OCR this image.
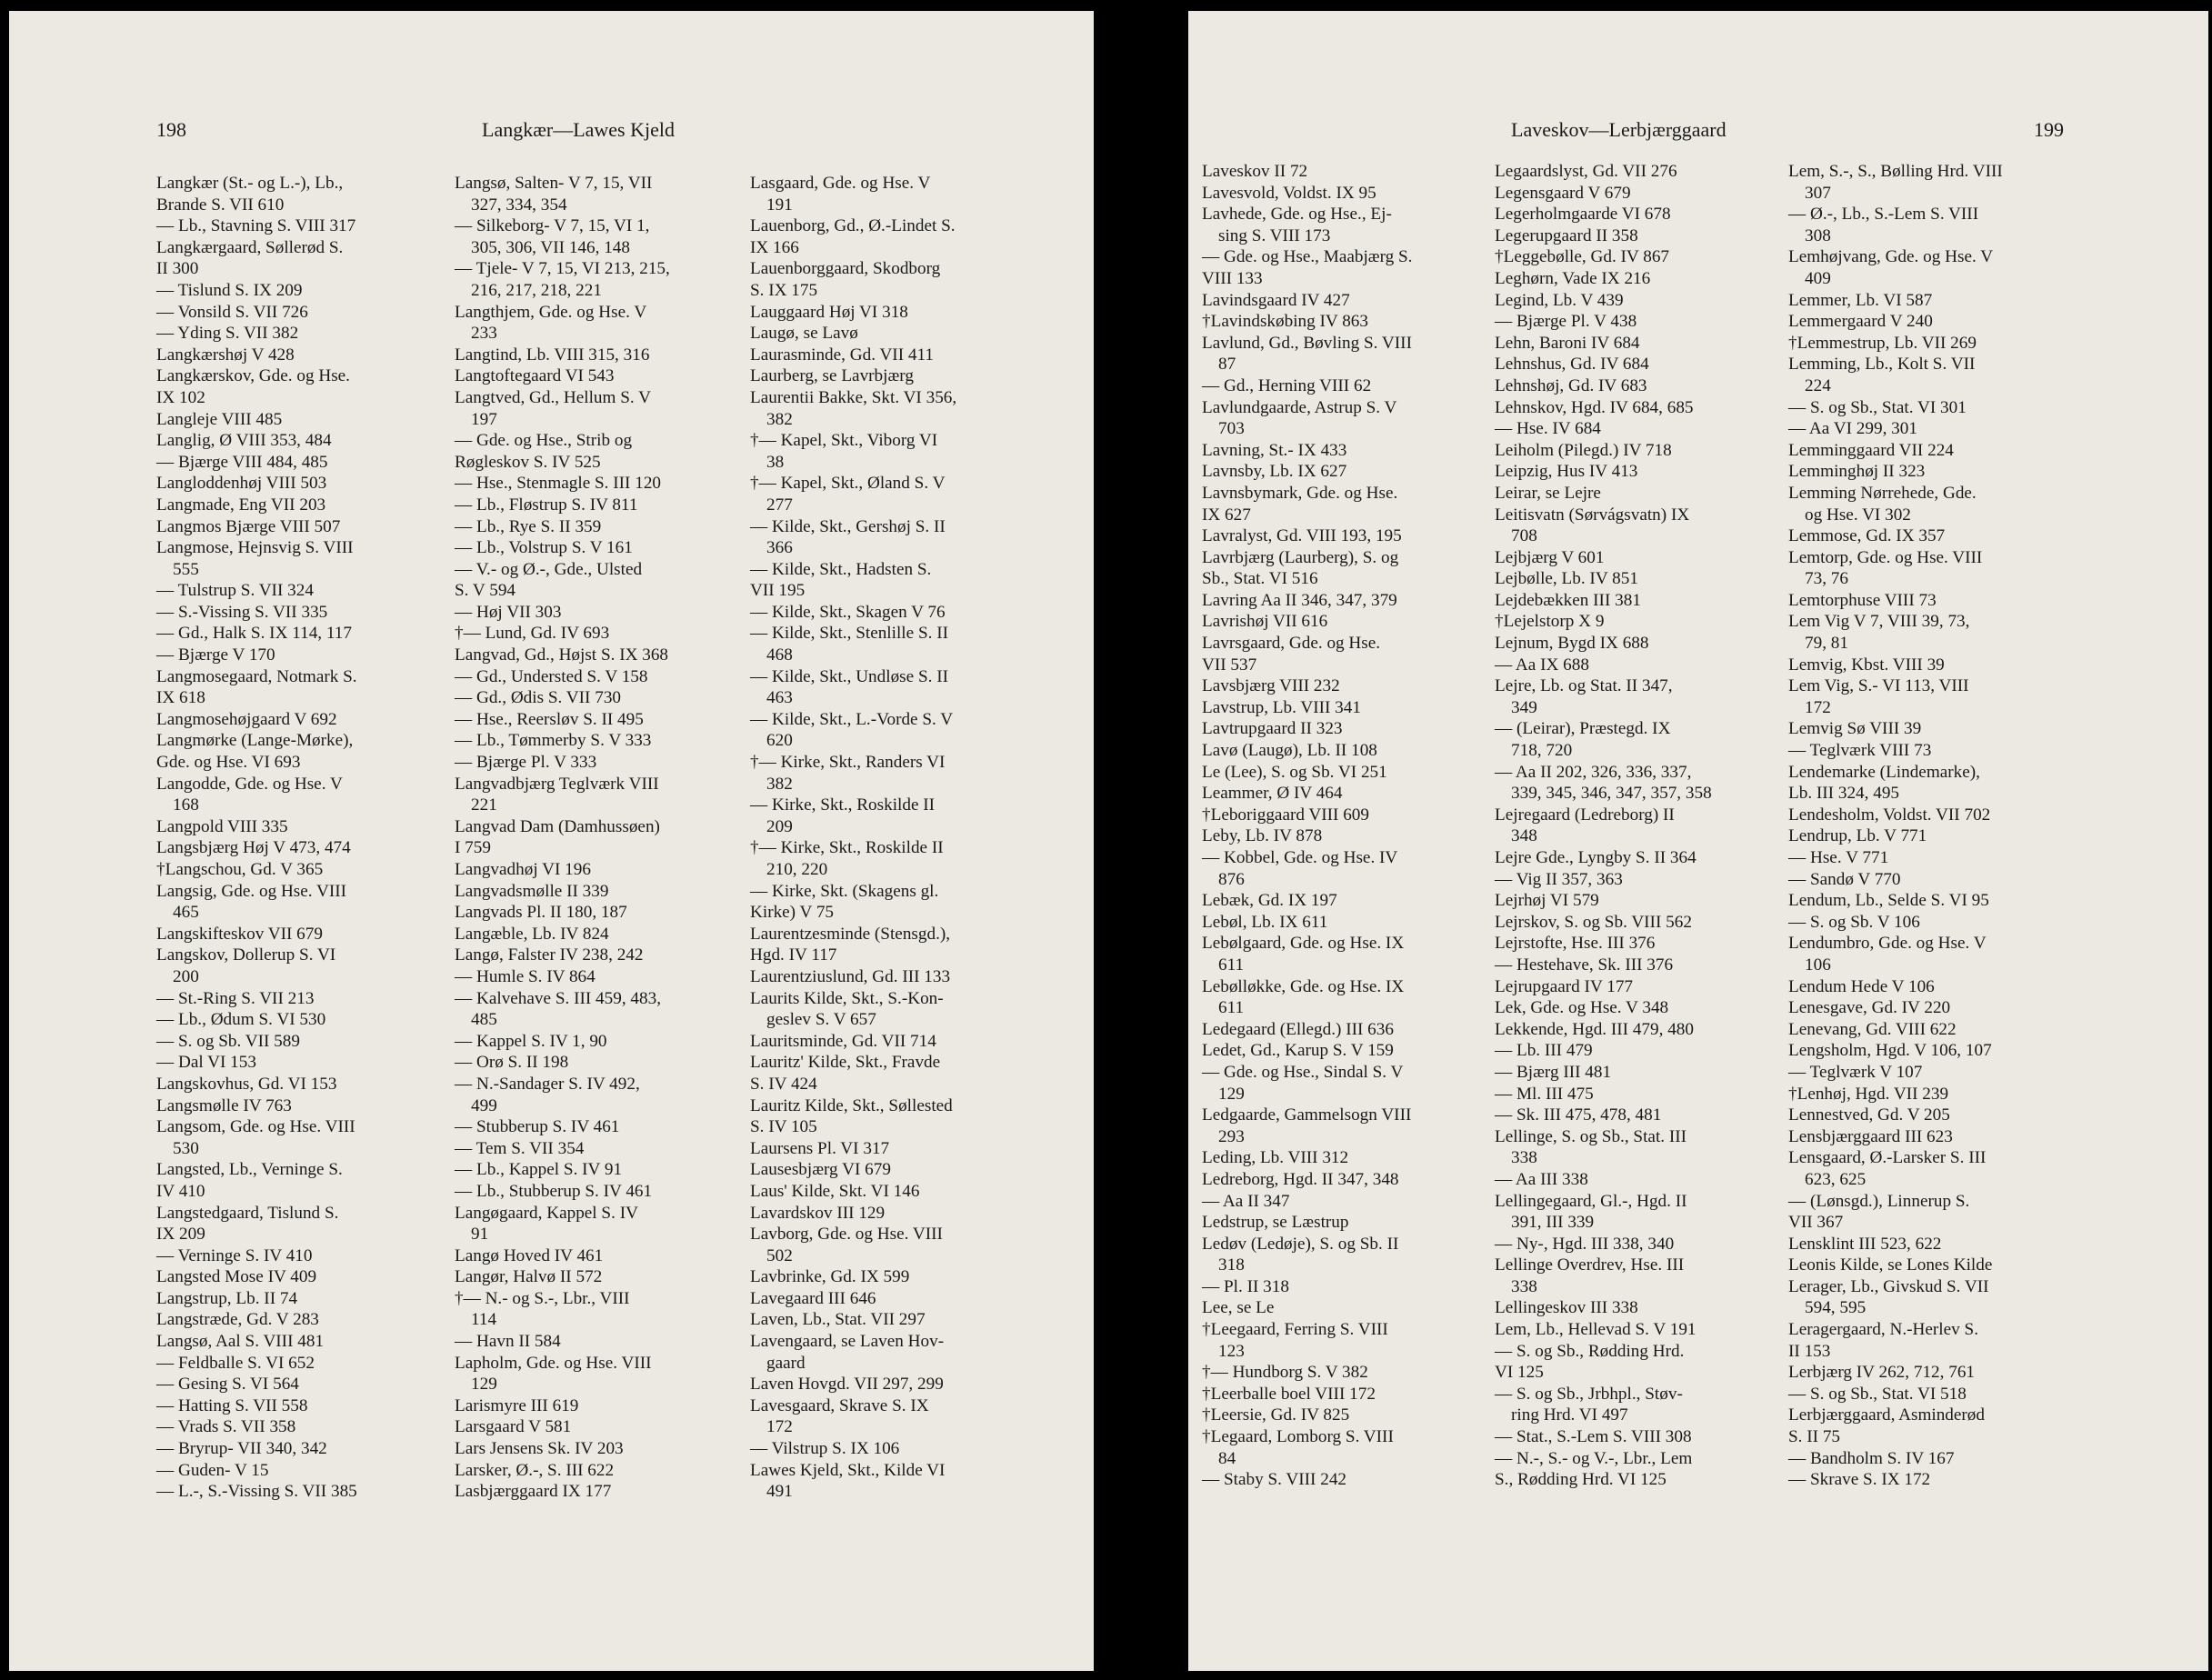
198	Langkær—Lawes Kjeld
Langkær (St.- og L.-), Lb.,
Brande S. VII 610
— Lb., Stavning S. VIII 317
Langkærgaard, Søllerød S.
II 300
— Tislund S. IX 209
— Vonsild S. VII 726
— Yding S. VII 382
Langkærshøj V 428
Langkærskov, Gde. og Hse.
IX 102
Langleje VIII 485
Langlig, Ø VIII 353, 484
— Bjærge VIII 484, 485
Langloddenhøj VIII 503
Langmade, Eng VII 203
Langmos Bjærge VIII 507
Langmose, Hejnsvig S. VIII
555
— Tulstrup S. VII 324
— S.-Vissing S. VII 335
— Gd., Halk S. IX 114, 117
— Bjærge V 170
Langmosegaard, Notmark S.
IX 618
Langmosehøjgaard V 692
Langmørke (Lange-Mørke),
Gde. og Hse. VI 693
Langodde, Gde. og Hse. V
168
Langpold VIII 335
Langsbjærg Høj V 473, 474
†Langschou, Gd. V 365
Langsig, Gde. og Hse. VIII
465
Langskifteskov VII 679
Langskov, Dollerup S. VI
200
— St.-Ring S. VII 213
— Lb., Ødum S. VI 530
— S. og Sb. VII 589
— Dal VI 153
Langskovhus, Gd. VI 153
Langsmølle IV 763
Langsom, Gde. og Hse. VIII
530
Langsted, Lb., Verninge S.
IV 410
Langstedgaard, Tislund S.
IX 209
— Verninge S. IV 410
Langsted Mose IV 409
Langstrup, Lb. II 74
Langstræde, Gd. V 283
Langsø, Aal S. VIII 481
— Feldballe S. VI 652
— Gesing S. VI 564
— Hatting S. VII 558
— Vrads S. VII 358
— Bryrup- VII 340, 342
— Guden- V 15
— L.-, S.-Vissing S. VII 385
Langsø, Salten- V 7, 15, VII
327, 334, 354
— Silkeborg- V 7, 15, VI 1,
305, 306, VII 146, 148
— Tjele- V 7, 15, VI 213, 215,
216, 217, 218, 221
Langthjem, Gde. og Hse. V
233
Langtind, Lb. VIII 315, 316
Langtoftegaard VI 543
Langtved, Gd., Hellum S. V
197
— Gde. og Hse., Strib og
Røgleskov S. IV 525
— Hse., Stenmagle S. III 120
— Lb., Fløstrup S. IV 811
— Lb., Rye S. II 359
— Lb., Volstrup S. V 161
— V.- og Ø.-, Gde., Ulsted
S. V 594
— Høj VII 303
†— Lund, Gd. IV 693
Langvad, Gd., Højst S. IX 368
— Gd., Understed S. V 158
— Gd., Ødis S. VII 730
— Hse., Reersløv S. II 495
— Lb., Tømmerby S. V 333
— Bjærge Pl. V 333
Langvadbjærg Teglværk VIII
221
Langvad Dam (Damhussøen)
I 759
Langvadhøj VI 196
Langvadsmølle II 339
Langvads Pl. II 180, 187
Langæble, Lb. IV 824
Langø, Falster IV 238, 242
— Humle S. IV 864
— Kalvehave S. III 459, 483,
485
— Kappel S. IV 1, 90
— Orø S. II 198
— N.-Sandager S. IV 492,
499
— Stubberup S. IV 461
— Tem S. VII 354
— Lb., Kappel S. IV 91
— Lb., Stubberup S. IV 461
Langøgaard, Kappel S. IV
91
Langø Hoved IV 461
Langør, Halvø II 572
†— N.- og S.-, Lbr., VIII
114
— Havn II 584
Lapholm, Gde. og Hse. VIII
129
Larismyre III 619
Larsgaard V 581
Lars Jensens Sk. IV 203
Larsker, Ø.-, S. III 622
Lasbjærggaard IX 177
Lasgaard, Gde. og Hse. V
191
Lauenborg, Gd., Ø.-Lindet S.
IX 166
Lauenborggaard, Skodborg
S. IX 175
Lauggaard Høj VI 318
Laugø, se Lavø
Laurasminde, Gd. VII 411
Laurberg, se Lavrbjærg
Laurentii Bakke, Skt. VI 356,
382
†— Kapel, Skt., Viborg VI
38
†— Kapel, Skt., Øland S. V
277
— Kilde, Skt., Gershøj S. II
366
— Kilde, Skt., Hadsten S.
VII 195
— Kilde, Skt., Skagen V 76
— Kilde, Skt., Stenlille S. II
468
— Kilde, Skt., Undløse S. II
463
— Kilde, Skt., L.-Vorde S. V
620
†— Kirke, Skt., Randers VI
382
— Kirke, Skt., Roskilde II
209
†— Kirke, Skt., Roskilde II
210, 220
— Kirke, Skt. (Skagens gl.
Kirke) V 75
Laurentzesminde (Stensgd.),
Hgd. IV 117
Laurentziuslund, Gd. III 133
Laurits Kilde, Skt., S.-Kon-
geslev S. V 657
Lauritsminde, Gd. VII 714
Lauritz' Kilde, Skt., Fravde
S. IV 424
Lauritz Kilde, Skt., Søllested
S. IV 105
Laursens Pl. VI 317
Lausesbjærg VI 679
Laus' Kilde, Skt. VI 146
Lavardskov III 129
Lavborg, Gde. og Hse. VIII
502
Lavbrinke, Gd. IX 599
Lavegaard III 646
Laven, Lb., Stat. VII 297
Lavengaard, se Laven Hov-
gaard
Laven Hovgd. VII 297, 299
Lavesgaard, Skrave S. IX
172
— Vilstrup S. IX 106
Lawes Kjeld, Skt., Kilde VI
491
Laveskov—Lerbjærggaard	199
Laveskov II 72
Lavesvold, Voldst. IX 95
Lavhede, Gde. og Hse., Ej-
sing S. VIII 173
— Gde. og Hse., Maabjærg S.
VIII 133
Lavindsgaard IV 427
†Lavindskøbing IV 863
Lavlund, Gd., Bøvling S. VIII
87
— Gd., Herning VIII 62
Lavlundgaarde, Astrup S. V
703
Lavning, St.- IX 433
Lavnsby, Lb. IX 627
Lavnsbymark, Gde. og Hse.
IX 627
Lavralyst, Gd. VIII 193, 195
Lavrbjærg (Laurberg), S. og
Sb., Stat. VI 516
Lavring Aa II 346, 347, 379
Lavrishøj VII 616
Lavrsgaard, Gde. og Hse.
VII 537
Lavsbjærg VIII 232
Lavstrup, Lb. VIII 341
Lavtrupgaard II 323
Lavø (Laugø), Lb. II 108
Le (Lee), S. og Sb. VI 251
Leammer, Ø IV 464
†Leboriggaard VIII 609
Leby, Lb. IV 878
— Kobbel, Gde. og Hse. IV
876
Lebæk, Gd. IX 197
Lebøl, Lb. IX 611
Lebølgaard, Gde. og Hse. IX
611
Lebølløkke, Gde. og Hse. IX
611
Ledegaard (Ellegd.) III 636
Ledet, Gd., Karup S. V 159
— Gde. og Hse., Sindal S. V
129
Ledgaarde, Gammelsogn VIII
293
Leding, Lb. VIII 312
Ledreborg, Hgd. II 347, 348
— Aa II 347
Ledstrup, se Læstrup
Ledøv (Ledøje), S. og Sb. II
318
— Pl. II 318
Lee, se Le
†Leegaard, Ferring S. VIII
123
†— Hundborg S. V 382
†Leerballe boel VIII 172
†Leersie, Gd. IV 825
†Legaard, Lomborg S. VIII
84
— Staby S. VIII 242
Legaardslyst, Gd. VII 276
Legensgaard V 679
Legerholmgaarde VI 678
Legerupgaard II 358
†Leggebølle, Gd. IV 867
Leghørn, Vade IX 216
Legind, Lb. V 439
— Bjærge Pl. V 438
Lehn, Baroni IV 684
Lehnshus, Gd. IV 684
Lehnshøj, Gd. IV 683
Lehnskov, Hgd. IV 684, 685
— Hse. IV 684
Leiholm (Pilegd.) IV 718
Leipzig, Hus IV 413
Leirar, se Lejre
Leitisvatn (Sørvágsvatn) IX
708
Lejbjærg V 601
Lejbølle, Lb. IV 851
Lejdebækken III 381
†Lejelstorp X 9
Lejnum, Bygd IX 688
— Aa IX 688
Lejre, Lb. og Stat. II 347,
349
— (Leirar), Præstegd. IX
718, 720
— Aa II 202, 326, 336, 337,
339, 345, 346, 347, 357, 358
Lejregaard (Ledreborg) II
348
Lejre Gde., Lyngby S. II 364
— Vig II 357, 363
Lejrhøj VI 579
Lejrskov, S. og Sb. VIII 562
Lejrstofte, Hse. III 376
— Hestehave, Sk. III 376
Lejrupgaard IV 177
Lek, Gde. og Hse. V 348
Lekkende, Hgd. III 479, 480
— Lb. III 479
— Bjærg III 481
— Ml. III 475
— Sk. III 475, 478, 481
Lellinge, S. og Sb., Stat. III
338
— Aa III 338
Lellingegaard, Gl.-, Hgd. II
391, III 339
— Ny-, Hgd. III 338, 340
Lellinge Overdrev, Hse. III
338
Lellingeskov III 338
Lem, Lb., Hellevad S. V 191
— S. og Sb., Rødding Hrd.
VI 125
— S. og Sb., Jrbhpl., Støv-
ring Hrd. VI 497
— Stat., S.-Lem S. VIII 308
— N.-, S.- og V.-, Lbr., Lem
S., Rødding Hrd. VI 125
Lem, S.-, S., Bølling Hrd. VIII
307
— Ø.-, Lb., S.-Lem S. VIII
308
Lemhøjvang, Gde. og Hse. V
409
Lemmer, Lb. VI 587
Lemmergaard V 240
†Lemmestrup, Lb. VII 269
Lemming, Lb., Kolt S. VII
224
— S. og Sb., Stat. VI 301
— Aa VI 299, 301
Lemminggaard VII 224
Lemminghøj II 323
Lemming Nørrehede, Gde.
og Hse. VI 302
Lemmose, Gd. IX 357
Lemtorp, Gde. og Hse. VIII
73, 76
Lemtorphuse VIII 73
Lem Vig V 7, VIII 39, 73,
79, 81
Lemvig, Kbst. VIII 39
Lem Vig, S.- VI 113, VIII
172
Lemvig Sø VIII 39
— Teglværk VIII 73
Lendemarke (Lindemarke),
Lb. III 324, 495
Lendesholm, Voldst. VII 702
Lendrup, Lb. V 771
— Hse. V 771
— Sandø V 770
Lendum, Lb., Selde S. VI 95
— S. og Sb. V 106
Lendumbro, Gde. og Hse. V
106
Lendum Hede V 106
Lenesgave, Gd. IV 220
Lenevang, Gd. VIII 622
Lengsholm, Hgd. V 106, 107
— Teglværk V 107
†Lenhøj, Hgd. VII 239
Lennestved, Gd. V 205
Lensbjærggaard III 623
Lensgaard, Ø.-Larsker S. III
623, 625
— (Lønsgd.), Linnerup S.
VII 367
Lensklint III 523, 622
Leonis Kilde, se Lones Kilde
Lerager, Lb., Givskud S. VII
594, 595
Leragergaard, N.-Herlev S.
II 153
Lerbjærg IV 262, 712, 761
— S. og Sb., Stat. VI 518
Lerbjærggaard, Asminderød
S. II 75
— Bandholm S. IV 167
— Skrave S. IX 172
